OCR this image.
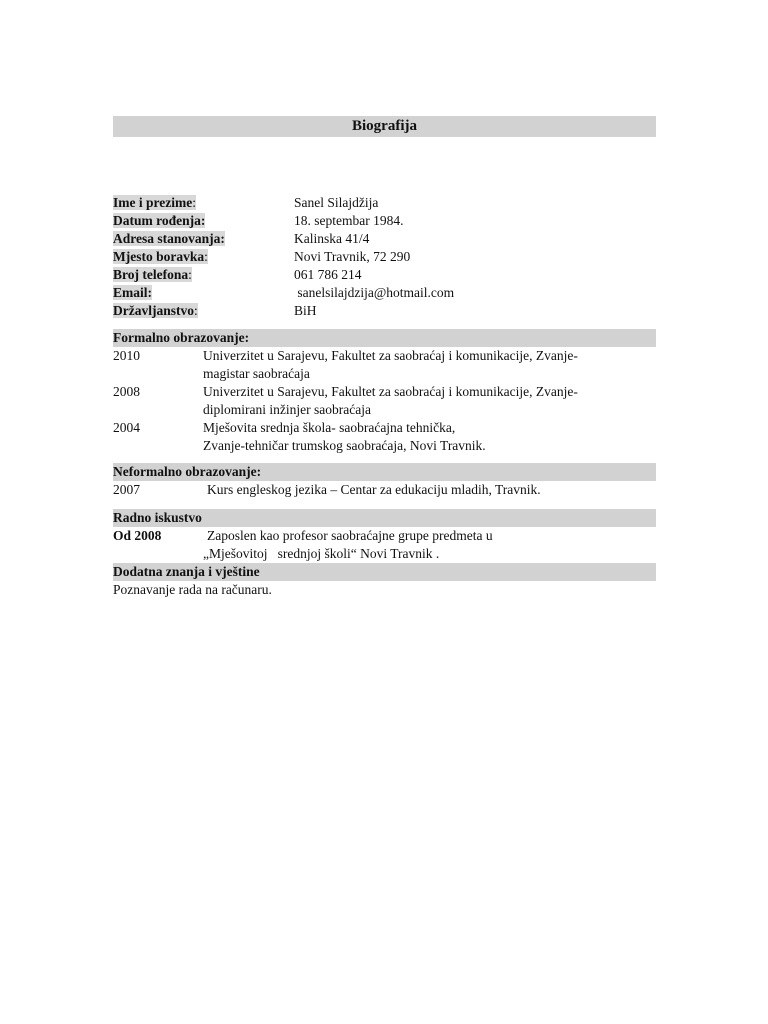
Biografija
Ime i prezime:	Sanel Silajdžija
Datum rođenja:	18. septembar 1984.
Adresa stanovanja:	Kalinska 41/4
Mjesto boravka:	Novi Travnik, 72 290
Broj telefona:	061 786 214
Email:	sanelsilajdzija@hotmail.com
Državljanstvo:	BiH
Formalno obrazovanje:
2010	Univerzitet u Sarajevu, Fakultet za saobraćaj i komunikacije, Zvanje-
magistar saobraćaja
2008	Univerzitet u Sarajevu, Fakultet za saobraćaj i komunikacije, Zvanje-
diplomirani inžinjer saobraćaja
2004	Mješovita srednja škola- saobraćajna tehnička,
Zvanje-tehničar trumskog saobraćaja, Novi Travnik.
Neformalno obrazovanje:
2007	Kurs engleskog jezika – Centar za edukaciju mladih, Travnik.
Radno iskustvo
Od 2008	Zaposlen kao profesor saobraćajne grupe predmeta u
„Mješovitoj   srednjoj školi“ Novi Travnik .
Dodatna znanja i vještine
Poznavanje rada na računaru.
